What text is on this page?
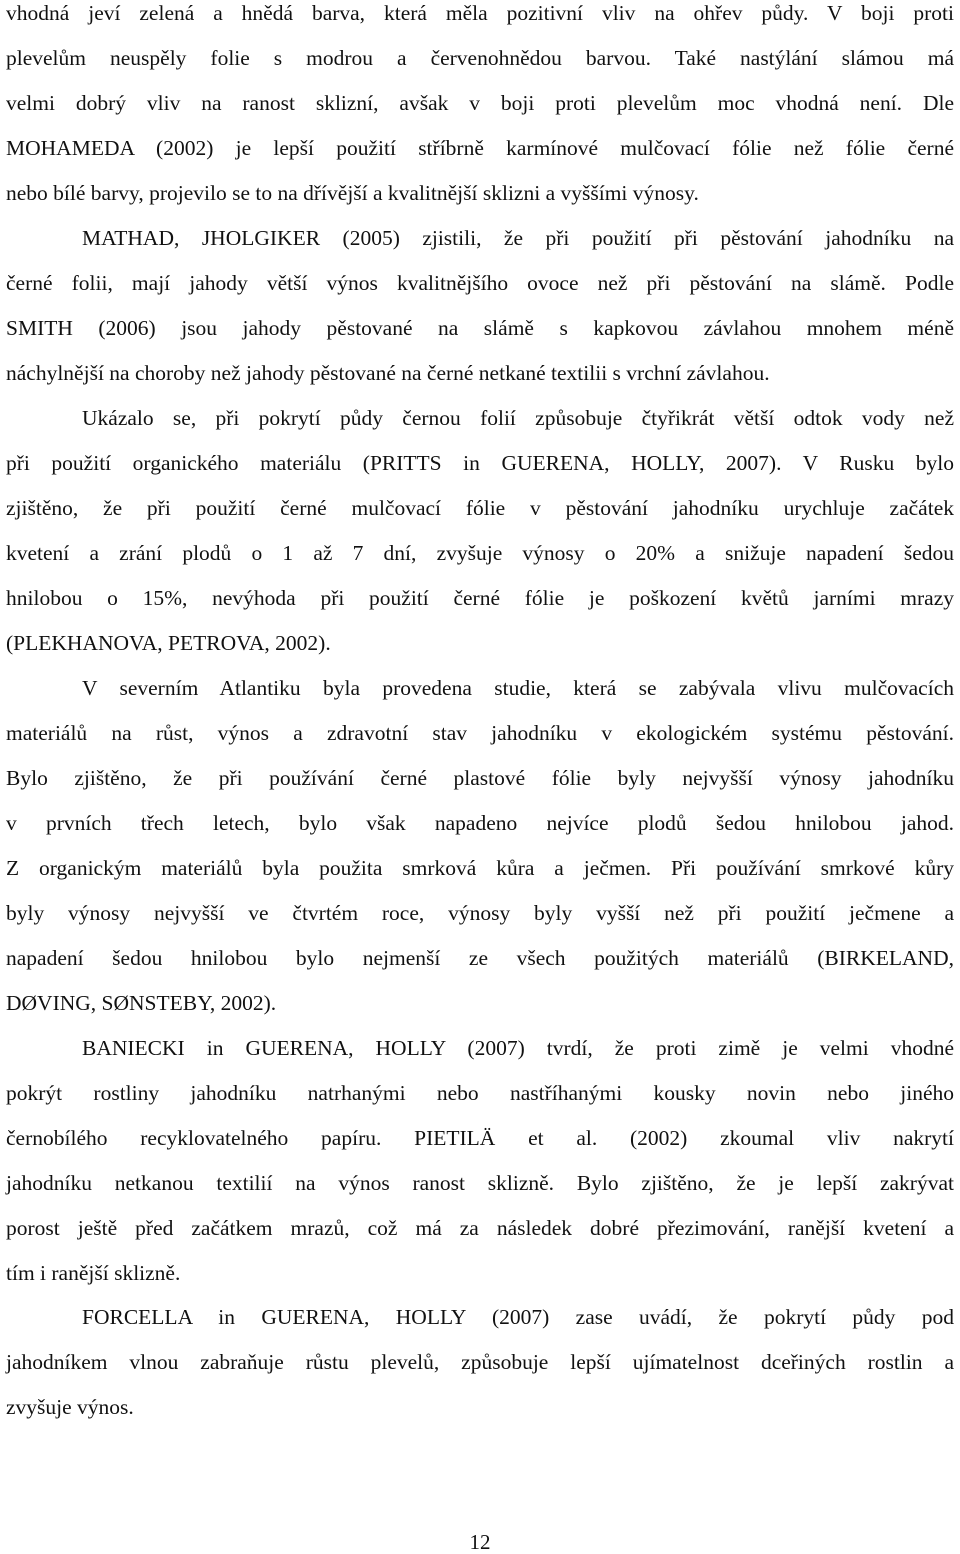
vhodná jeví zelená a hnědá barva, která měla pozitivní vliv na ohřev půdy. V boji proti
plevelům neuspěly folie s modrou a červenohnědou barvou. Také nastýlání slámou má
velmi dobrý vliv na ranost sklizní, avšak v boji proti plevelům moc vhodná není. Dle
MOHAMEDA (2002) je lepší použití stříbrně karmínové mulčovací fólie než fólie černé
nebo bílé barvy, projevilo se to na dřívější a kvalitnější sklizni a vyššími výnosy.
MATHAD, JHOLGIKER (2005) zjistili, že při použití při pěstování jahodníku na
černé folii, mají jahody větší výnos kvalitnějšího ovoce než při pěstování na slámě. Podle
SMITH (2006) jsou jahody pěstované na slámě s kapkovou závlahou mnohem méně
náchylnější na choroby než jahody pěstované na černé netkané textilii s vrchní závlahou.
Ukázalo se, při pokrytí půdy černou folií způsobuje čtyřikrát větší odtok vody než
při použití organického materiálu (PRITTS in GUERENA, HOLLY, 2007). V Rusku bylo
zjištěno, že při použití černé mulčovací fólie v pěstování jahodníku urychluje začátek
kvetení a zrání plodů o 1 až 7 dní, zvyšuje výnosy o 20% a snižuje napadení šedou
hnilobou o 15%, nevýhoda při použití černé fólie je poškození květů jarními mrazy
(PLEKHANOVA, PETROVA, 2002).
V severním Atlantiku byla provedena studie, která se zabývala vlivu mulčovacích
materiálů na růst, výnos a zdravotní stav jahodníku v ekologickém systému pěstování.
Bylo zjištěno, že při používání černé plastové fólie byly nejvyšší výnosy jahodníku
v prvních třech letech, bylo však napadeno nejvíce plodů šedou hnilobou jahod.
Z organickým materiálů byla použita smrková kůra a ječmen. Při používání smrkové kůry
byly výnosy nejvyšší ve čtvrtém roce, výnosy byly vyšší než při použití ječmene a
napadení šedou hnilobou bylo nejmenší ze všech použitých materiálů (BIRKELAND,
DØVING, SØNSTEBY, 2002).
BANIECKI in GUERENA, HOLLY (2007) tvrdí, že proti zimě je velmi vhodné
pokrýt rostliny jahodníku natrhanými nebo nastříhanými kousky novin nebo jiného
černobílého recyklovatelného papíru. PIETILÄ et al. (2002) zkoumal vliv nakrytí
jahodníku netkanou textilií na výnos ranost sklizně. Bylo zjištěno, že je lepší zakrývat
porost ještě před začátkem mrazů, což má za následek dobré přezimování, ranější kvetení a
tím i ranější sklizně.
FORCELLA in GUERENA, HOLLY (2007) zase uvádí, že pokrytí půdy pod
jahodníkem vlnou zabraňuje růstu plevelů, způsobuje lepší ujímatelnost dceřiných rostlin a
zvyšuje výnos.
12
